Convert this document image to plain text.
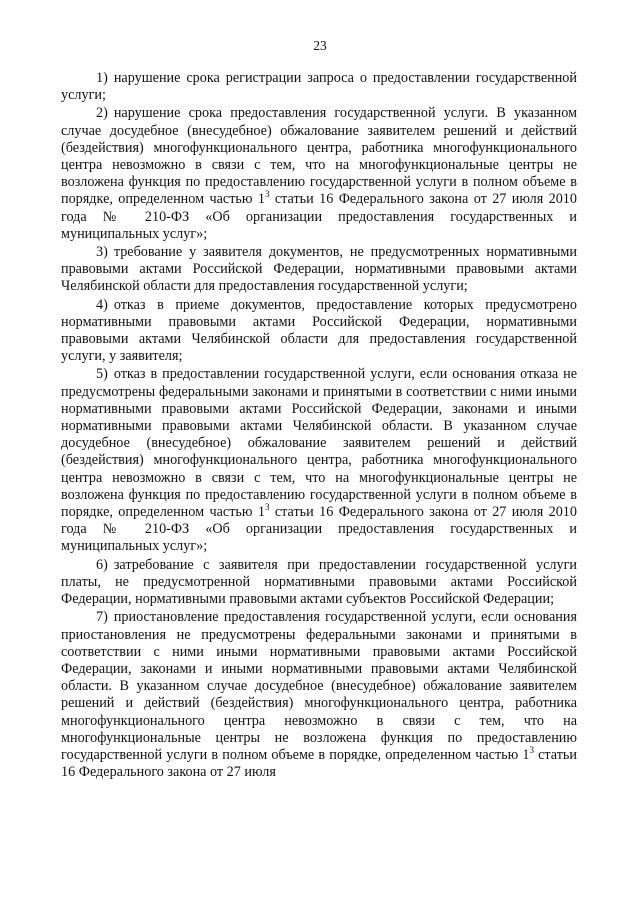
23

1) нарушение срока регистрации запроса о предоставлении государственной услуги;

2) нарушение срока предоставления государственной услуги. В указанном случае досудебное (внесудебное) обжалование заявителем решений и действий (бездействия) многофункционального центра, работника многофункционального центра невозможно в связи с тем, что на многофункциональные центры не возложена функция по предоставлению государственной услуги в полном объеме в порядке, определенном частью $1^3$ статьи 16 Федерального закона от 27 июля 2010 года № 210-ФЗ «Об организации предоставления государственных и муниципальных услуг»;

3) требование у заявителя документов, не предусмотренных нормативными правовыми актами Российской Федерации, нормативными правовыми актами Челябинской области для предоставления государственной услуги;

4) отказ в приеме документов, предоставление которых предусмотрено нормативными правовыми актами Российской Федерации, нормативными правовыми актами Челябинской области для предоставления государственной услуги, у заявителя;

5) отказ в предоставлении государственной услуги, если основания отказа не предусмотрены федеральными законами и принятыми в соответствии с ними иными нормативными правовыми актами Российской Федерации, законами и иными нормативными правовыми актами Челябинской области. В указанном случае досудебное (внесудебное) обжалование заявителем решений и действий (бездействия) многофункционального центра, работника многофункционального центра невозможно в связи с тем, что на многофункциональные центры не возложена функция по предоставлению государственной услуги в полном объеме в порядке, определенном частью $1^3$ статьи 16 Федерального закона от 27 июля 2010 года № 210-ФЗ «Об организации предоставления государственных и муниципальных услуг»;

6) затребование с заявителя при предоставлении государственной услуги платы, не предусмотренной нормативными правовыми актами Российской Федерации, нормативными правовыми актами субъектов Российской Федерации;

7) приостановление предоставления государственной услуги, если основания приостановления не предусмотрены федеральными законами и принятыми в соответствии с ними иными нормативными правовыми актами Российской Федерации, законами и иными нормативными правовыми актами Челябинской области. В указанном случае досудебное (внесудебное) обжалование заявителем решений и действий (бездействия) многофункционального центра, работника многофункционального центра невозможно в связи с тем, что на многофункциональные центры не возложена функция по предоставлению государственной услуги в полном объеме в порядке, определенном частью $1^3$ статьи 16 Федерального закона от 27 июля
